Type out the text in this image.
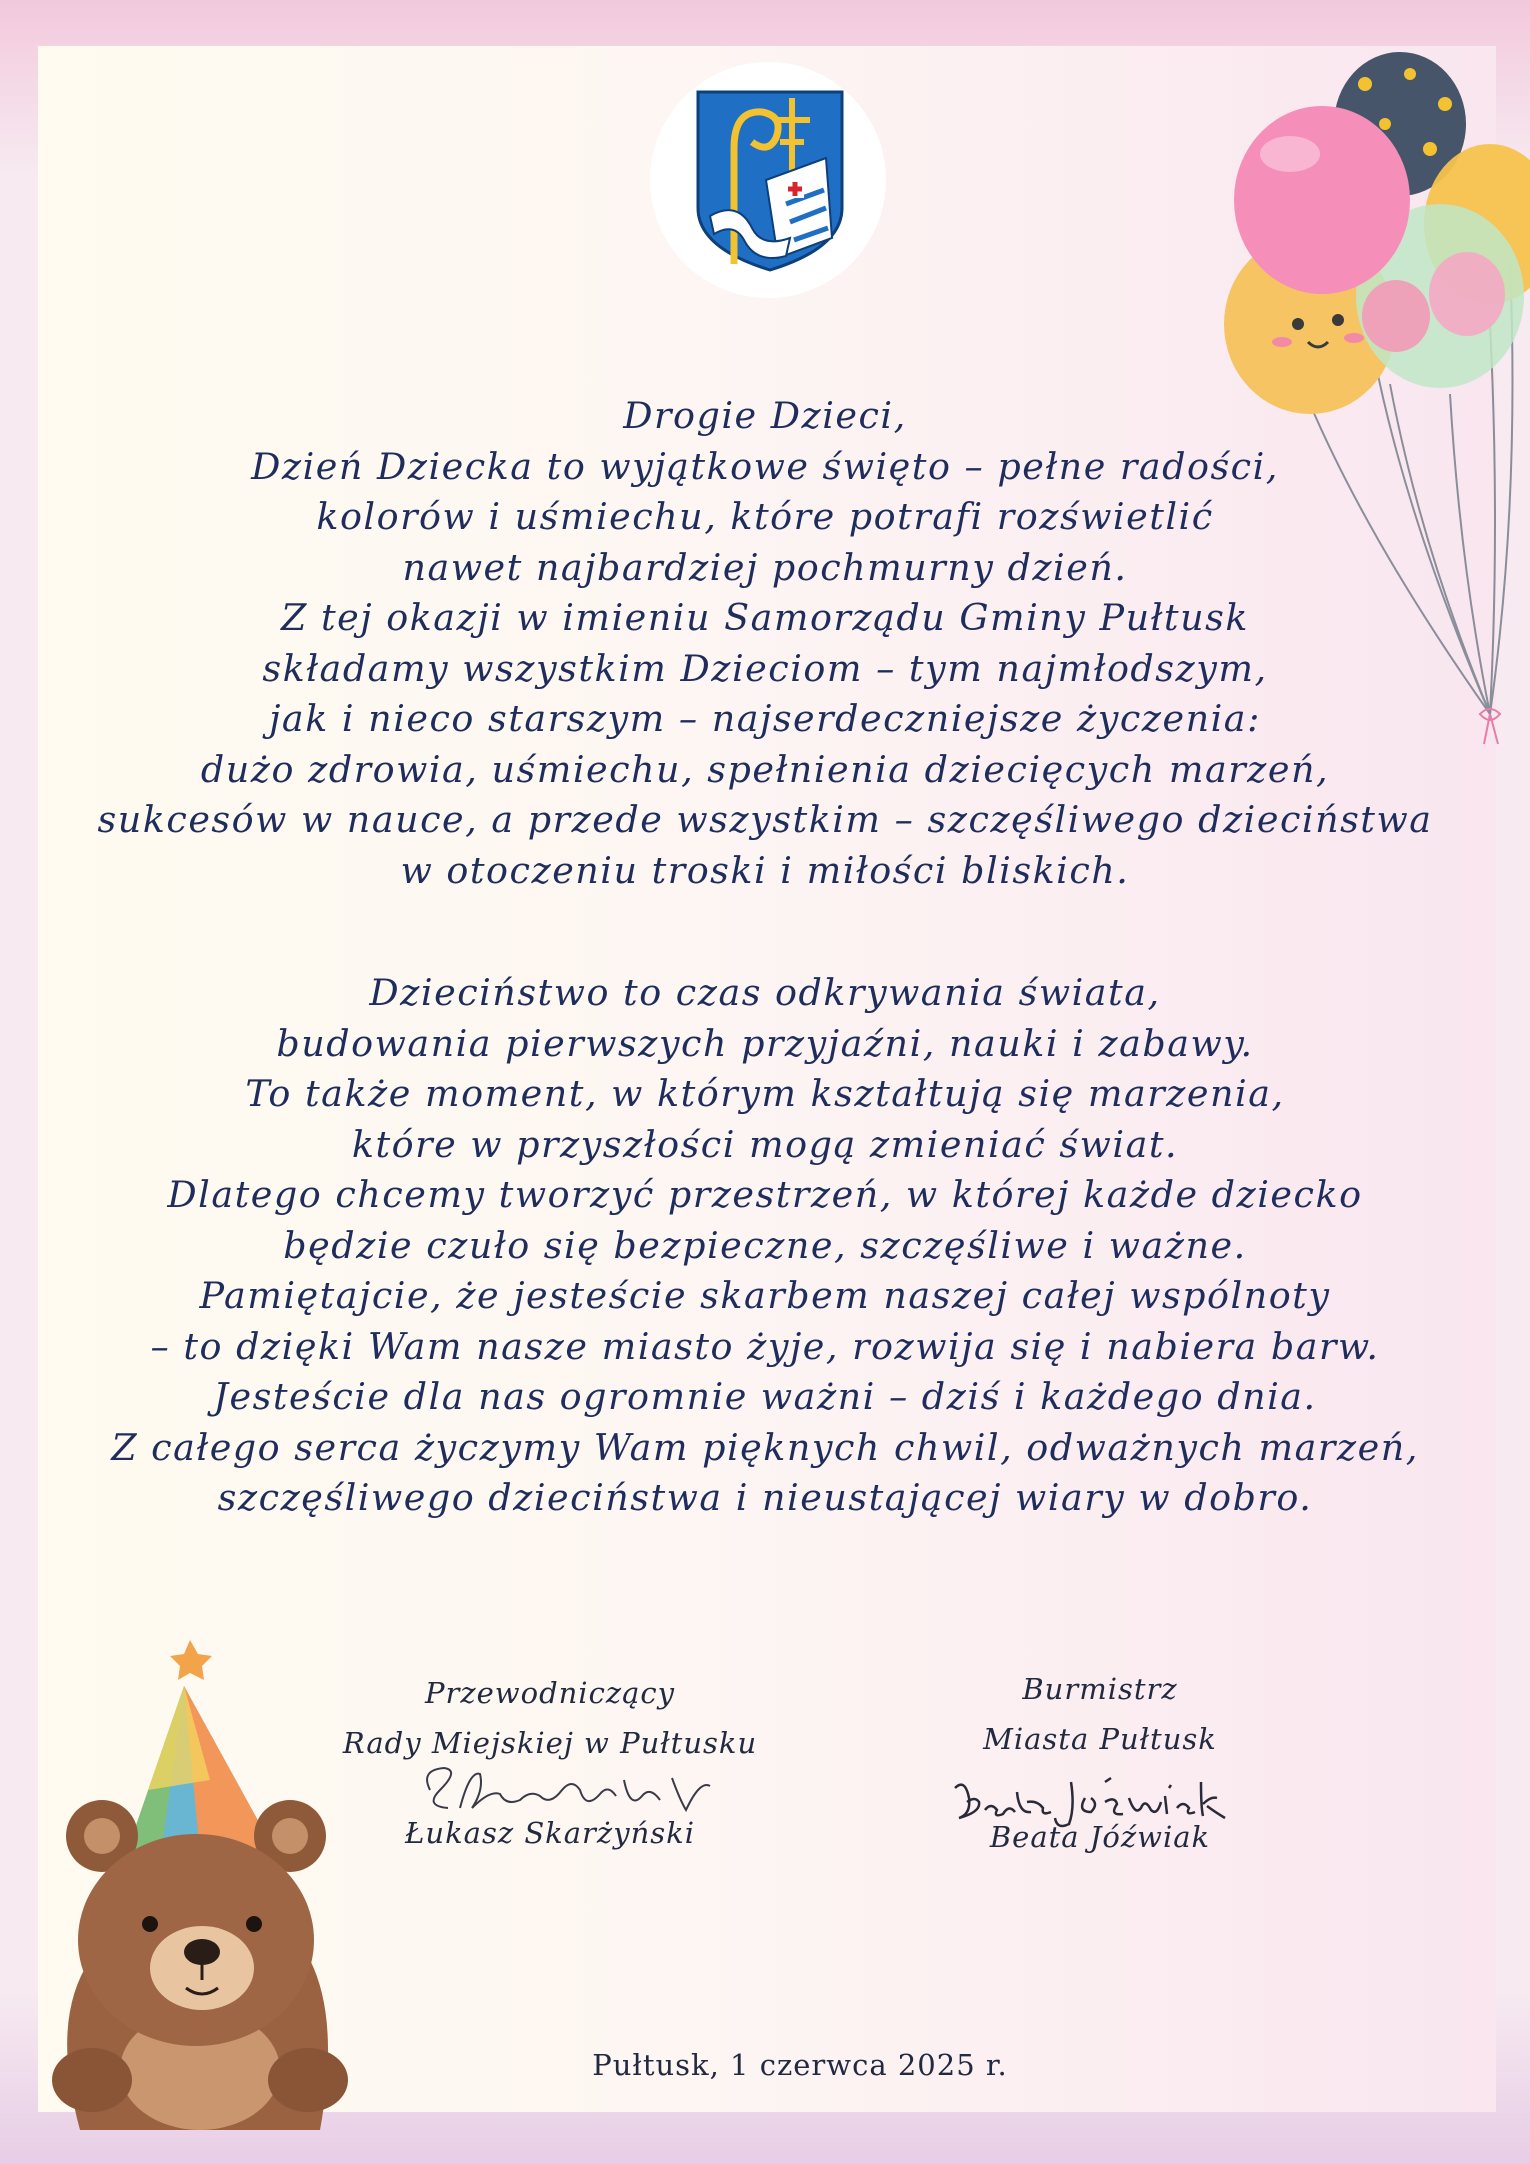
Drogie Dzieci,
Dzień Dziecka to wyjątkowe święto – pełne radości,
kolorów i uśmiechu, które potrafi rozświetlić
nawet najbardziej pochmurny dzień.
Z tej okazji w imieniu Samorządu Gminy Pułtusk
składamy wszystkim Dzieciom – tym najmłodszym,
jak i nieco starszym – najserdeczniejsze życzenia:
dużo zdrowia, uśmiechu, spełnienia dziecięcych marzeń,
sukcesów w nauce, a przede wszystkim – szczęśliwego dzieciństwa
w otoczeniu troski i miłości bliskich.
Dzieciństwo to czas odkrywania świata,
budowania pierwszych przyjaźni, nauki i zabawy.
To także moment, w którym kształtują się marzenia,
które w przyszłości mogą zmieniać świat.
Dlatego chcemy tworzyć przestrzeń, w której każde dziecko
będzie czuło się bezpieczne, szczęśliwe i ważne.
Pamiętajcie, że jesteście skarbem naszej całej wspólnoty
– to dzięki Wam nasze miasto żyje, rozwija się i nabiera barw.
Jesteście dla nas ogromnie ważni – dziś i każdego dnia.
Z całego serca życzymy Wam pięknych chwil, odważnych marzeń,
szczęśliwego dzieciństwa i nieustającej wiary w dobro.
Przewodniczący
Rady Miejskiej w Pułtusku
Łukasz Skarżyński
Burmistrz
Miasta Pułtusk
Beata Jóźwiak
Pułtusk, 1 czerwca 2025 r.
